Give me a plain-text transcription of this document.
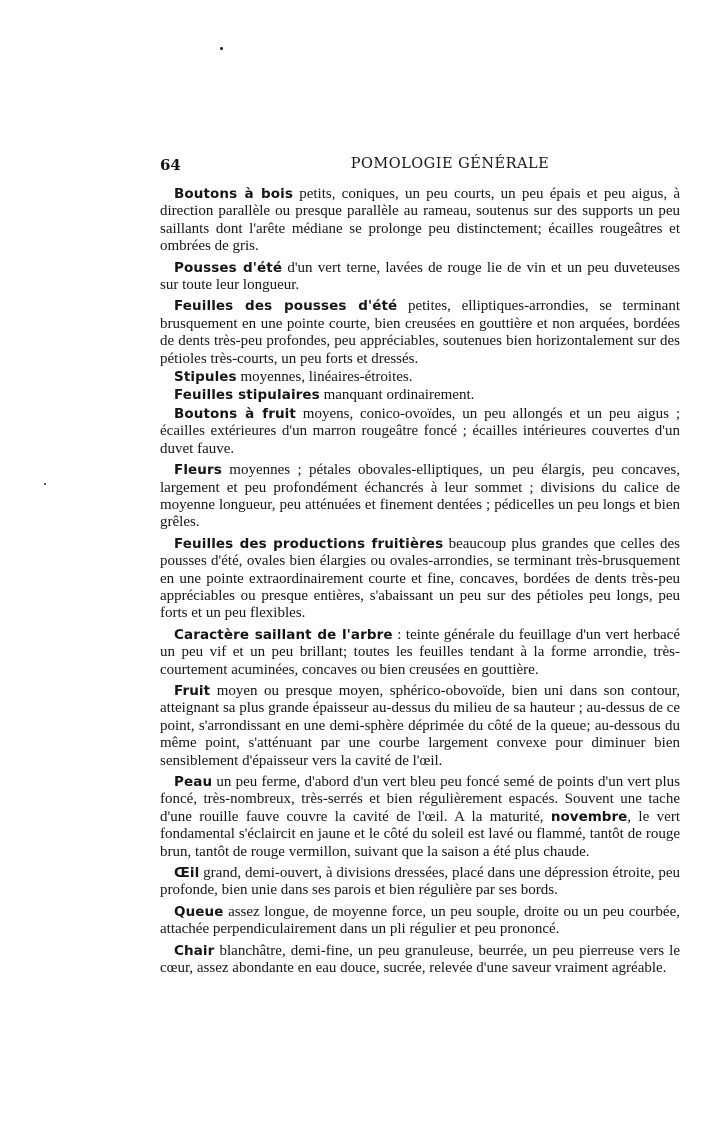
64	POMOLOGIE GÉNÉRALE

Boutons à bois petits, coniques, un peu courts, un peu épais et peu aigus, à direction parallèle ou presque parallèle au rameau, soutenus sur des supports un peu saillants dont l'arête médiane se prolonge peu distinctement; écailles rougeâtres et ombrées de gris.

Pousses d'été d'un vert terne, lavées de rouge lie de vin et un peu duveteuses sur toute leur longueur.

Feuilles des pousses d'été petites, elliptiques-arrondies, se terminant brusquement en une pointe courte, bien creusées en gouttière et non arquées, bordées de dents très-peu profondes, peu appréciables, soutenues bien horizontalement sur des pétioles très-courts, un peu forts et dressés.

Stipules moyennes, linéaires-étroites.

Feuilles stipulaires manquant ordinairement.

Boutons à fruit moyens, conico-ovoïdes, un peu allongés et un peu aigus ; écailles extérieures d'un marron rougeâtre foncé ; écailles intérieures couvertes d'un duvet fauve.

Fleurs moyennes ; pétales obovales-elliptiques, un peu élargis, peu concaves, largement et peu profondément échancrés à leur sommet ; divisions du calice de moyenne longueur, peu atténuées et finement dentées ; pédicelles un peu longs et bien grêles.

Feuilles des productions fruitières beaucoup plus grandes que celles des pousses d'été, ovales bien élargies ou ovales-arrondies, se terminant très-brusquement en une pointe extraordinairement courte et fine, concaves, bordées de dents très-peu appréciables ou presque entières, s'abaissant un peu sur des pétioles peu longs, peu forts et un peu flexibles.

Caractère saillant de l'arbre : teinte générale du feuillage d'un vert herbacé un peu vif et un peu brillant; toutes les feuilles tendant à la forme arrondie, très-courtement acuminées, concaves ou bien creusées en gouttière.

Fruit moyen ou presque moyen, sphérico-obovoïde, bien uni dans son contour, atteignant sa plus grande épaisseur au-dessus du milieu de sa hauteur ; au-dessus de ce point, s'arrondissant en une demi-sphère déprimée du côté de la queue; au-dessous du même point, s'atténuant par une courbe largement convexe pour diminuer bien sensiblement d'épaisseur vers la cavité de l'œil.

Peau un peu ferme, d'abord d'un vert bleu peu foncé semé de points d'un vert plus foncé, très-nombreux, très-serrés et bien régulièrement espacés. Souvent une tache d'une rouille fauve couvre la cavité de l'œil. A la maturité, novembre, le vert fondamental s'éclaircit en jaune et le côté du soleil est lavé ou flammé, tantôt de rouge brun, tantôt de rouge vermillon, suivant que la saison a été plus chaude.

Œil grand, demi-ouvert, à divisions dressées, placé dans une dépression étroite, peu profonde, bien unie dans ses parois et bien régulière par ses bords.

Queue assez longue, de moyenne force, un peu souple, droite ou un peu courbée, attachée perpendiculairement dans un pli régulier et peu prononcé.

Chair blanchâtre, demi-fine, un peu granuleuse, beurrée, un peu pierreuse vers le cœur, assez abondante en eau douce, sucrée, relevée d'une saveur vraiment agréable.
